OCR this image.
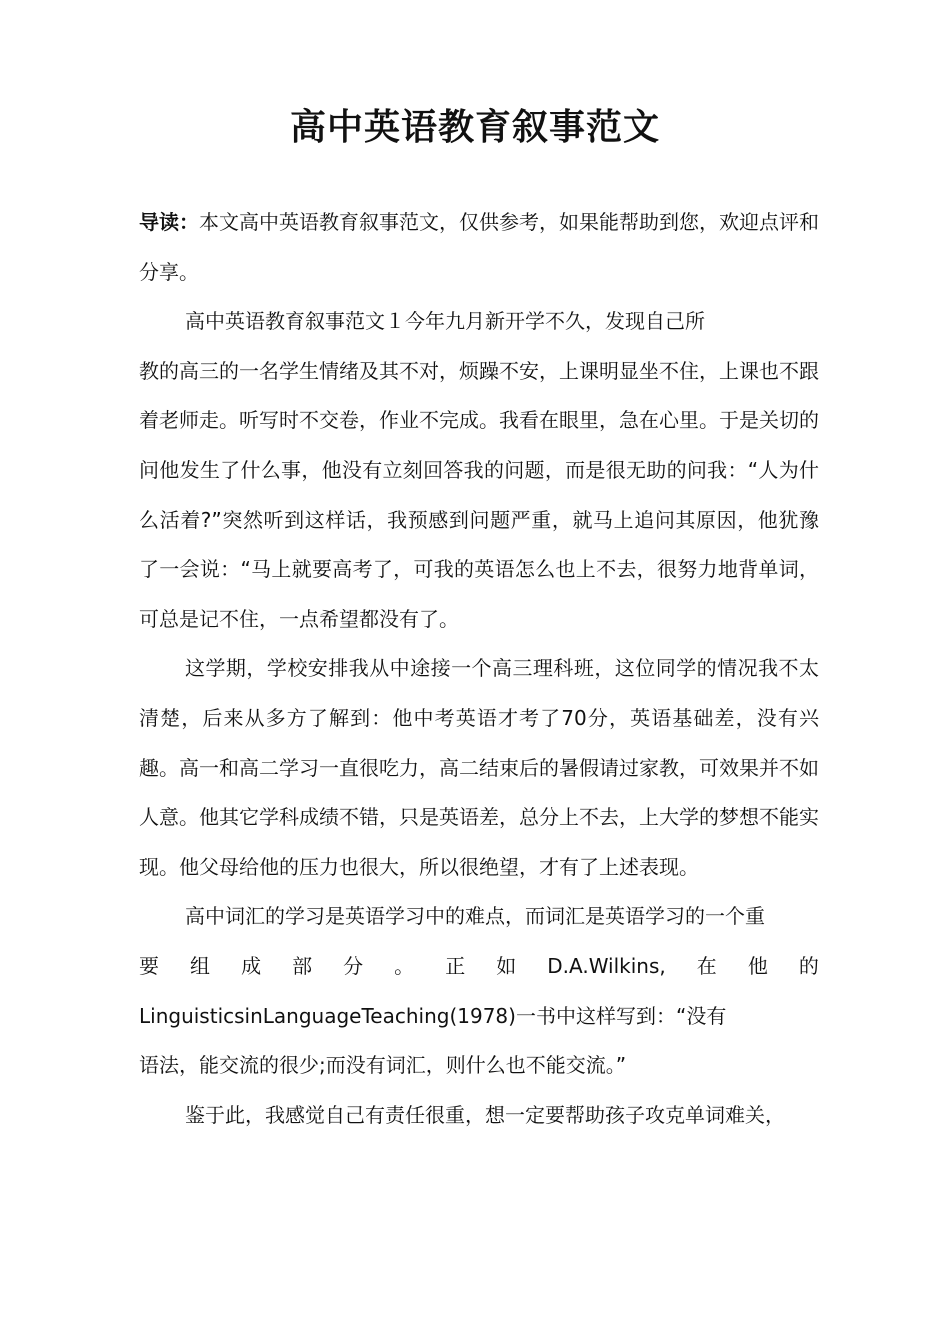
高中英语教育叙事范文

导读：本文高中英语教育叙事范文，仅供参考，如果能帮助到您，欢迎点评和分享。

高中英语教育叙事范文１今年九月新开学不久，发现自己所
教的高三的一名学生情绪及其不对，烦躁不安，上课明显坐不住，上课也不跟着老师走。听写时不交卷，作业不完成。我看在眼里，急在心里。于是关切的问他发生了什么事，他没有立刻回答我的问题，而是很无助的问我：“人为什么活着?”突然听到这样话，我预感到问题严重，就马上追问其原因，他犹豫了一会说：“马上就要高考了，可我的英语怎么也上不去，很努力地背单词，可总是记不住，一点希望都没有了。

这学期，学校安排我从中途接一个高三理科班，这位同学的情况我不太清楚，后来从多方了解到：他中考英语才考了70分，英语基础差，没有兴趣。高一和高二学习一直很吃力，高二结束后的暑假请过家教，可效果并不如人意。他其它学科成绩不错，只是英语差，总分上不去，上大学的梦想不能实现。他父母给他的压力也很大，所以很绝望，才有了上述表现。

高中词汇的学习是英语学习中的难点，而词汇是英语学习的一个重
要 组 成 部 分 。 正 如 D.A.Wilkins, 在 他 的
LinguisticsinLanguageTeaching(1978)一书中这样写到：“没有
语法，能交流的很少;而没有词汇，则什么也不能交流。”

鉴于此，我感觉自己有责任很重，想一定要帮助孩子攻克单词难关，
